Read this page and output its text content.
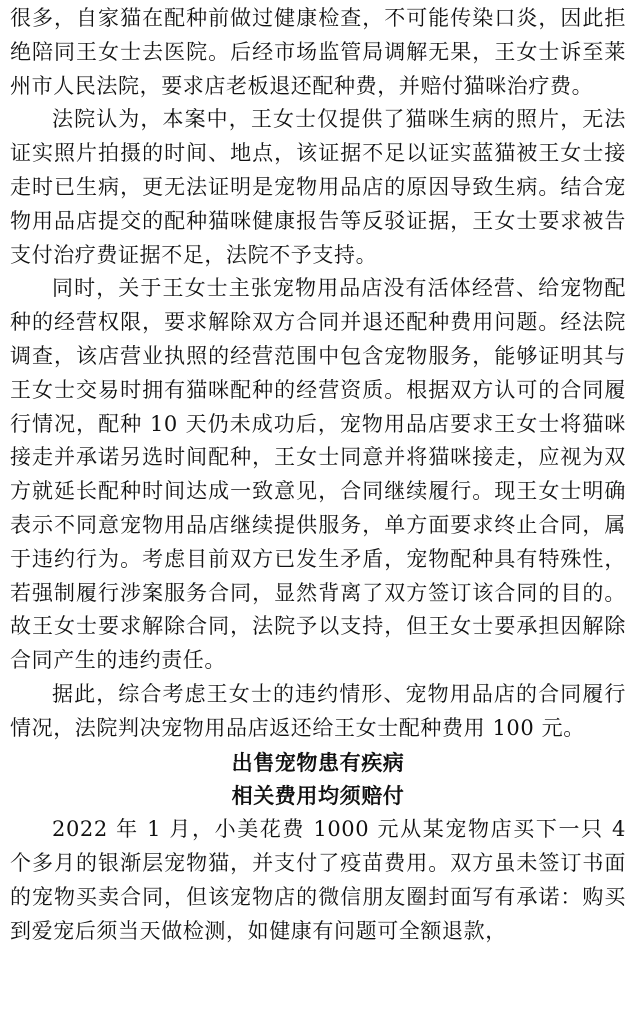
很多，自家猫在配种前做过健康检查，不可能传染口炎，因此拒绝陪同王女士去医院。后经市场监管局调解无果，王女士诉至莱州市人民法院，要求店老板退还配种费，并赔付猫咪治疗费。

法院认为，本案中，王女士仅提供了猫咪生病的照片，无法证实照片拍摄的时间、地点，该证据不足以证实蓝猫被王女士接走时已生病，更无法证明是宠物用品店的原因导致生病。结合宠物用品店提交的配种猫咪健康报告等反驳证据，王女士要求被告支付治疗费证据不足，法院不予支持。

同时，关于王女士主张宠物用品店没有活体经营、给宠物配种的经营权限，要求解除双方合同并退还配种费用问题。经法院调查，该店营业执照的经营范围中包含宠物服务，能够证明其与王女士交易时拥有猫咪配种的经营资质。根据双方认可的合同履行情况，配种 10 天仍未成功后，宠物用品店要求王女士将猫咪接走并承诺另选时间配种，王女士同意并将猫咪接走，应视为双方就延长配种时间达成一致意见，合同继续履行。现王女士明确表示不同意宠物用品店继续提供服务，单方面要求终止合同，属于违约行为。考虑目前双方已发生矛盾，宠物配种具有特殊性，若强制履行涉案服务合同，显然背离了双方签订该合同的目的。故王女士要求解除合同，法院予以支持，但王女士要承担因解除合同产生的违约责任。

据此，综合考虑王女士的违约情形、宠物用品店的合同履行情况，法院判决宠物用品店返还给王女士配种费用 100 元。

出售宠物患有疾病

相关费用均须赔付

2022 年 1 月，小美花费 1000 元从某宠物店买下一只 4 个多月的银渐层宠物猫，并支付了疫苗费用。双方虽未签订书面的宠物买卖合同，但该宠物店的微信朋友圈封面写有承诺：购买到爱宠后须当天做检测，如健康有问题可全额退款，
